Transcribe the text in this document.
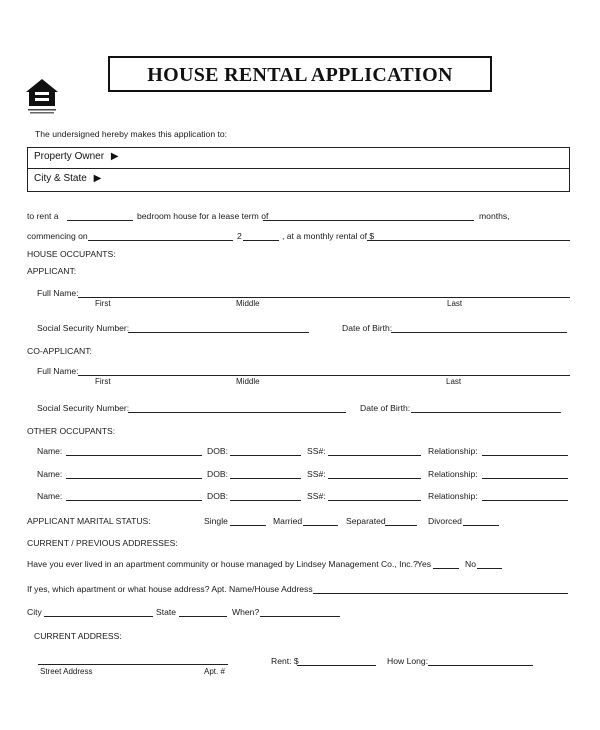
HOUSE RENTAL APPLICATION
The undersigned hereby makes this application to:
Property Owner ▶
City & State ▶
to rent a	bedroom house for a lease term of	months,
commencing on	2	, at a monthly rental of $
HOUSE OCCUPANTS:
APPLICANT:
Full Name:
First	Middle	Last
Social Security Number:	Date of Birth:
CO-APPLICANT:
Full Name:
First	Middle	Last
Social Security Number:	Date of Birth:
OTHER OCCUPANTS:
Name:	DOB:	SS#:	Relationship:
Name:	DOB:	SS#:	Relationship:
Name:	DOB:	SS#:	Relationship:
APPLICANT MARITAL STATUS:	Single	Married	Separated	Divorced
CURRENT / PREVIOUS ADDRESSES:
Have you ever lived in an apartment community or house managed by Lindsey Management Co., Inc.? Yes	No
If yes, which apartment or what house address? Apt. Name/House Address
City	State	When?
CURRENT ADDRESS:
Street Address	Apt. #
Rent: $	How Long:
